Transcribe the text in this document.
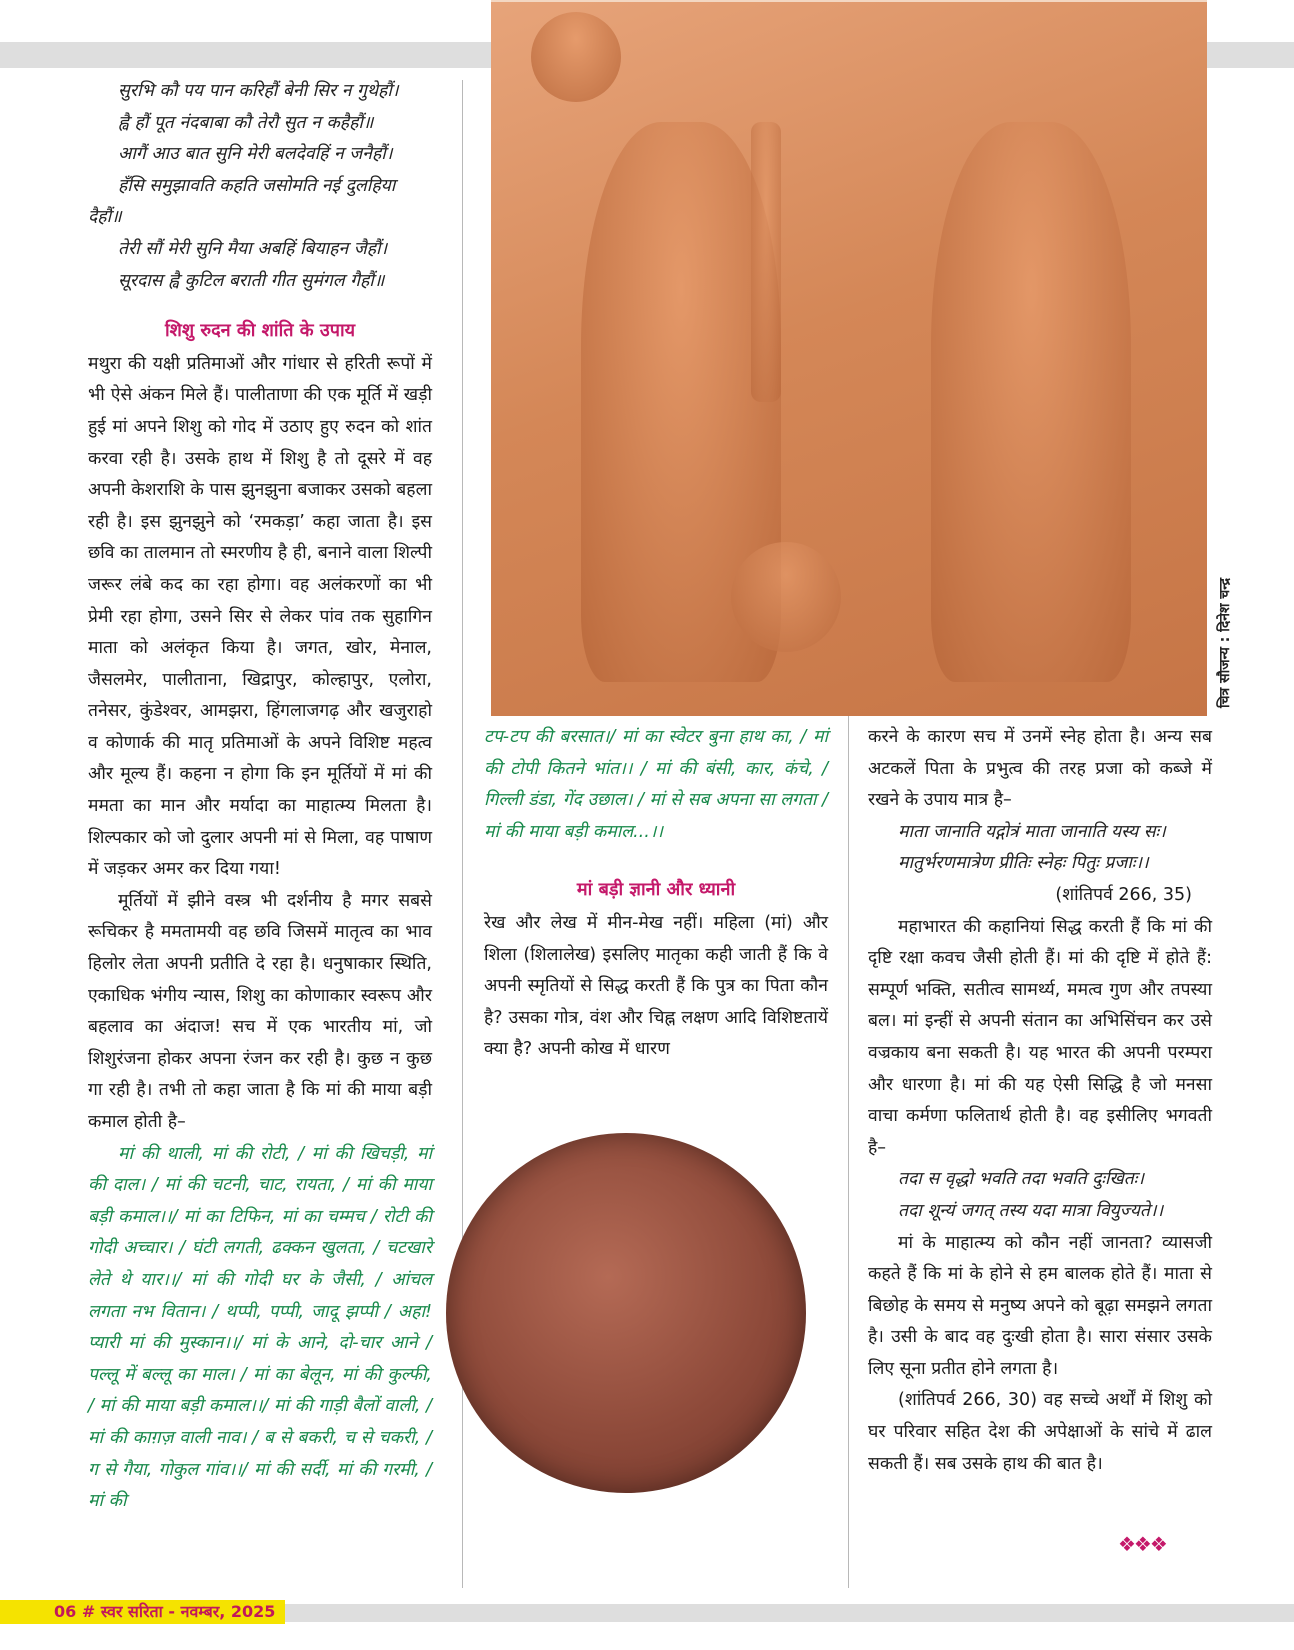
चित्र सौजन्य : दिनेश चन्द्र

सुरभि कौ पय पान करिहौं बेनी सिर न गुथेहौं।

ह्वै हौं पूत नंदबाबा कौ तेरौ सुत न कहैहौं॥

आगैं आउ बात सुनि मेरी बलदेवहिं न जनैहौं।

हँसि समुझावति कहति जसोमति नई दुलहिया

दैहौं॥

तेरी सौं मेरी सुनि मैया अबहिं बियाहन जैहौं।

सूरदास ह्वै कुटिल बराती गीत सुमंगल गैहौं॥

शिशु रुदन की शांति के उपाय

मथुरा की यक्षी प्रतिमाओं और गांधार से हरिती रूपों में भी ऐसे अंकन मिले हैं। पालीताणा की एक मूर्ति में खड़ी हुई मां अपने शिशु को गोद में उठाए हुए रुदन को शांत करवा रही है। उसके हाथ में शिशु है तो दूसरे में वह अपनी केशराशि के पास झुनझुना बजाकर उसको बहला रही है। इस झुनझुने को ‘रमकड़ा’ कहा जाता है। इस छवि का तालमान तो स्मरणीय है ही, बनाने वाला शिल्पी जरूर लंबे कद का रहा होगा। वह अलंकरणों का भी प्रेमी रहा होगा, उसने सिर से लेकर पांव तक सुहागिन माता को अलंकृत किया है। जगत, खोर, मेनाल, जैसलमेर, पालीताना, खिद्रापुर, कोल्हापुर, एलोरा, तनेसर, कुंडेश्वर, आमझरा, हिंगलाजगढ़ और खजुराहो व कोणार्क की मातृ प्रतिमाओं के अपने विशिष्ट महत्व और मूल्य हैं। कहना न होगा कि इन मूर्तियों में मां की ममता का मान और मर्यादा का माहात्म्य मिलता है। शिल्पकार को जो दुलार अपनी मां से मिला, वह पाषाण में जड़कर अमर कर दिया गया!

मूर्तियों में झीने वस्त्र भी दर्शनीय है मगर सबसे रूचिकर है ममतामयी वह छवि जिसमें मातृत्व का भाव हिलोर लेता अपनी प्रतीति दे रहा है। धनुषाकार स्थिति, एकाधिक भंगीय न्यास, शिशु का कोणाकार स्वरूप और बहलाव का अंदाज! सच में एक भारतीय मां, जो शिशुरंजना होकर अपना रंजन कर रही है। कुछ न कुछ गा रही है। तभी तो कहा जाता है कि मां की माया बड़ी कमाल होती है–

मां की थाली, मां की रोटी, / मां की खिचड़ी, मां की दाल। / मां की चटनी, चाट, रायता, / मां की माया बड़ी कमाल।।/ मां का टिफिन, मां का चम्मच / रोटी की गोदी अच्चार। / घंटी लगती, ढक्कन खुलता, / चटखारे लेते थे यार।।/ मां की गोदी घर के जैसी, / आंचल लगता नभ वितान। / थप्पी, पप्पी, जादू झप्पी / अहा! प्यारी मां की मुस्कान।।/ मां के आने, दो-चार आने / पल्लू में बल्लू का माल। / मां का बेलून, मां की कुल्फी, / मां की माया बड़ी कमाल।।/ मां की गाड़ी बैलों वाली, / मां की काग़ज़ वाली नाव। / ब से बकरी, च से चकरी, / ग से गैया, गोकुल गांव।।/ मां की सर्दी, मां की गरमी, / मां की

टप-टप की बरसात।/ मां का स्वेटर बुना हाथ का, / मां की टोपी कितने भांत।। / मां की बंसी, कार, कंचे, / गिल्ली डंडा, गेंद उछाल। / मां से सब अपना सा लगता / मां की माया बड़ी कमाल...।।

मां बड़ी ज्ञानी और ध्यानी

रेख और लेख में मीन-मेख नहीं। महिला (मां) और शिला (शिलालेख) इसलिए मातृका कही जाती हैं कि वे अपनी स्मृतियों से सिद्ध करती हैं कि पुत्र का पिता कौन है? उसका गोत्र, वंश और चिह्न लक्षण आदि विशिष्टतायें क्या है? अपनी कोख में धारण

करने के कारण सच में उनमें स्नेह होता है। अन्य सब अटकलें पिता के प्रभुत्व की तरह प्रजा को कब्जे में रखने के उपाय मात्र है–

माता जानाति यद्गोत्रं माता जानाति यस्य सः।

मातुर्भरणमात्रेण प्रीतिः स्नेहः पितुः प्रजाः।।

(शांतिपर्व 266, 35)

महाभारत की कहानियां सिद्ध करती हैं कि मां की दृष्टि रक्षा कवच जैसी होती हैं। मां की दृष्टि में होते हैं: सम्पूर्ण भक्ति, सतीत्व सामर्थ्य, ममत्व गुण और तपस्या बल। मां इन्हीं से अपनी संतान का अभिसिंचन कर उसे वज्रकाय बना सकती है। यह भारत की अपनी परम्परा और धारणा है। मां की यह ऐसी सिद्धि है जो मनसा वाचा कर्मणा फलितार्थ होती है। वह इसीलिए भगवती है–

तदा स वृद्धो भवति तदा भवति दुःखितः।

तदा शून्यं जगत् तस्य यदा मात्रा वियुज्यते।।

मां के माहात्म्य को कौन नहीं जानता? व्यासजी कहते हैं कि मां के होने से हम बालक होते हैं। माता से बिछोह के समय से मनुष्य अपने को बूढ़ा समझने लगता है। उसी के बाद वह दुःखी होता है। सारा संसार उसके लिए सूना प्रतीत होने लगता है।

(शांतिपर्व 266, 30) वह सच्चे अर्थों में शिशु को घर परिवार सहित देश की अपेक्षाओं के सांचे में ढाल सकती हैं। सब उसके हाथ की बात है।

❖❖❖
06 # स्वर सरिता - नवम्बर, 2025
